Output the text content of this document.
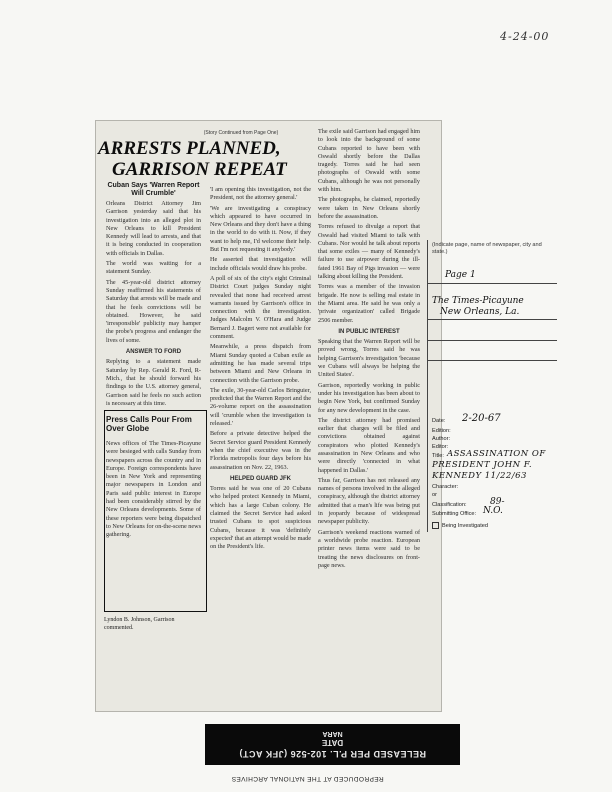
4-24-00
(Story Continued from Page One)
ARRESTS PLANNED,
GARRISON REPEAT
Cuban Says 'Warren Report Will Crumble'

Orleans District Attorney Jim Garrison yesterday said that his investigation into an alleged plot in New Orleans to kill President Kennedy will lead to arrests, and that it is being conducted in cooperation with officials in Dallas.

The world was waiting for a statement Sunday.

The 45-year-old district attorney Sunday reaffirmed his statements of Saturday that arrests will be made and that he feels convictions will be obtained. However, he said 'irresponsible' publicity may hamper the probe's progress and endanger the lives of some.

ANSWER TO FORD

Replying to a statement made Saturday by Rep. Gerald R. Ford, R-Mich., that he should forward his findings to the U.S. attorney general, Garrison said he feels no such action is necessary at this time.

Press Calls Pour From Over Globe
News offices of The Times-Picayune were besieged with calls Sunday from newspapers across the country and in Europe. Foreign correspondents have been in New York and representing major newspapers in London and Paris said public interest in Europe had been considerably stirred by the New Orleans developments. Some of these reporters were being dispatched to New Orleans for on-the-scene news gathering.
Lyndon B. Johnson, Garrison commented.

'I am opening this investigation, not the President, not the attorney general.'

'We are investigating a conspiracy which appeared to have occurred in New Orleans and they don't have a thing in the world to do with it. Now, if they want to help me, I'd welcome their help. But I'm not requesting it anybody.'

He asserted that investigation will include officials would draw his probe.

A poll of six of the city's eight Criminal District Court judges Sunday night revealed that none had received arrest warrants issued by Garrison's office in connection with the investigation. Judges Malcolm V. O'Hara and Judge Bernard J. Bagert were not available for comment.

Meanwhile, a press dispatch from Miami Sunday quoted a Cuban exile as admitting he has made several trips between Miami and New Orleans in connection with the Garrison probe.

The exile, 30-year-old Carlos Bringuier, predicted that the Warren Report and the 26-volume report on the assassination will 'crumble when the investigation is released.'

Before a private detective helped the Secret Service guard President Kennedy when the chief executive was in the Florida metropolis four days before his assassination on Nov. 22, 1963.

HELPED GUARD JFK

Torres said he was one of 20 Cubans who helped protect Kennedy in Miami, which has a large Cuban colony. He claimed the Secret Service had asked trusted Cubans to spot suspicious Cubans, because it was 'definitely expected' that an attempt would be made on the President's life.

The exile said Garrison had engaged him to look into the background of some Cubans reported to have been with Oswald shortly before the Dallas tragedy. Torres said he had seen photographs of Oswald with some Cubans, although he was not personally with him.

The photographs, he claimed, reportedly were taken in New Orleans shortly before the assassination.

Torres refused to divulge a report that Oswald had visited Miami to talk with Cubans. Nor would he talk about reports that some exiles — many of Kennedy's failure to use airpower during the ill-fated 1961 Bay of Pigs invasion — were talking about killing the President.

Torres was a member of the invasion brigade. He now is selling real estate in the Miami area. He said he was only a 'private organization' called Brigade 2506 member.

IN PUBLIC INTEREST

Speaking that the Warren Report will be proved wrong, Torres said he was helping Garrison's investigation 'because we Cubans will always be helping the United States'.

Garrison, reportedly working in public under his investigation has been about to begin New York, but confirmed Sunday for any new development in the case.

The district attorney had promised earlier that charges will be filed and convictions obtained against conspirators who plotted Kennedy's assassination in New Orleans and who were directly 'connected in what happened in Dallas.'

Thus far, Garrison has not released any names of persons involved in the alleged conspiracy, although the district attorney admitted that a man's life was being put in jeopardy because of widespread newspaper publicity.

Garrison's weekend reactions warned of a worldwide probe reaction. European printer news items were said to be treating the news disclosures on front-page news.

(Indicate page, name of newspaper, city and state.)
Page 1
The Times-Picayune
New Orleans, La.
Date: 2-20-67
Edition:
Author:
Editor:
Title: ASSASSINATION OF
PRESIDENT JOHN F.
KENNEDY 11/22/63
Character:
or
Classification:	89-
Submitting Office: N.O.
Being Investigated
RELEASED PER P.L. 102-526 (JFK ACT)
DATE
NARA
REPRODUCED AT THE NATIONAL ARCHIVES
